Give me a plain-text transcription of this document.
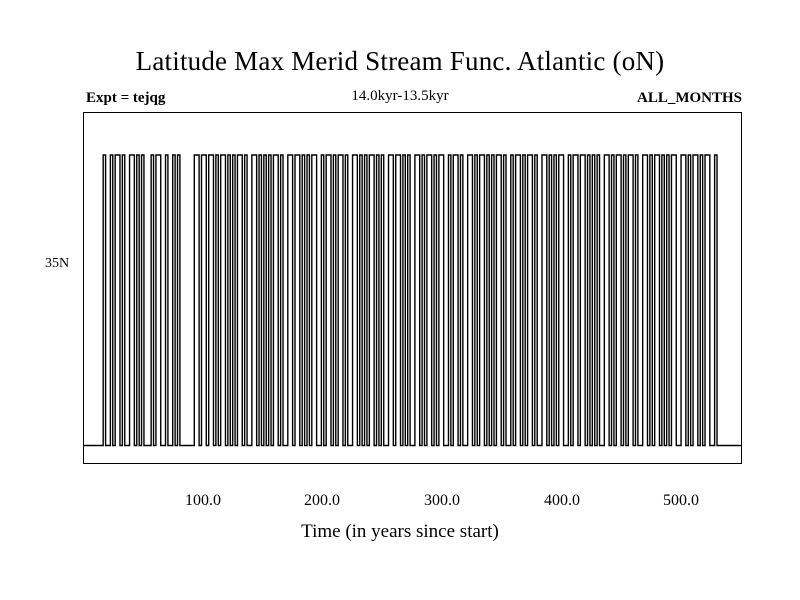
Latitude Max Merid Stream Func. Atlantic (oN)
Expt = tejqg	14.0kyr-13.5kyr	ALL_MONTHS
35N
100.0	200.0	300.0	400.0	500.0
Time (in years since start)
